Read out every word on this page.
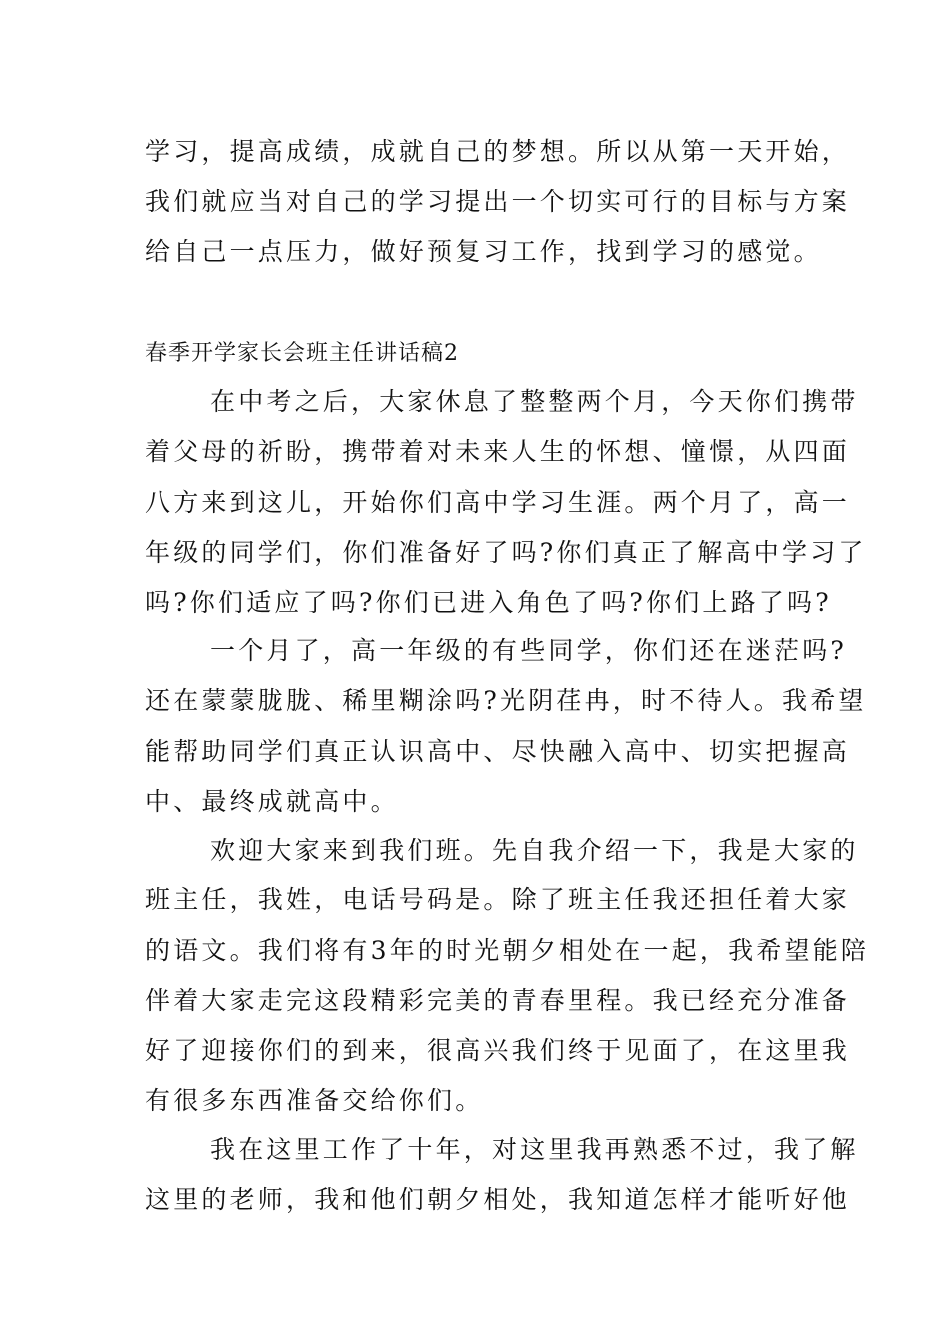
学习，提高成绩，成就自己的梦想。所以从第一天开始，
我们就应当对自己的学习提出一个切实可行的目标与方案
给自己一点压力，做好预复习工作，找到学习的感觉。
春季开学家长会班主任讲话稿2
在中考之后，大家休息了整整两个月，今天你们携带
着父母的祈盼，携带着对未来人生的怀想、憧憬，从四面
八方来到这儿，开始你们高中学习生涯。两个月了，高一
年级的同学们，你们准备好了吗?你们真正了解高中学习了
吗?你们适应了吗?你们已进入角色了吗?你们上路了吗?
一个月了，高一年级的有些同学，你们还在迷茫吗?
还在蒙蒙胧胧、稀里糊涂吗?光阴荏冉，时不待人。我希望
能帮助同学们真正认识高中、尽快融入高中、切实把握高
中、最终成就高中。
欢迎大家来到我们班。先自我介绍一下，我是大家的
班主任，我姓，电话号码是。除了班主任我还担任着大家
的语文。我们将有3年的时光朝夕相处在一起，我希望能陪
伴着大家走完这段精彩完美的青春里程。我已经充分准备
好了迎接你们的到来，很高兴我们终于见面了，在这里我
有很多东西准备交给你们。
我在这里工作了十年，对这里我再熟悉不过，我了解
这里的老师，我和他们朝夕相处，我知道怎样才能听好他
